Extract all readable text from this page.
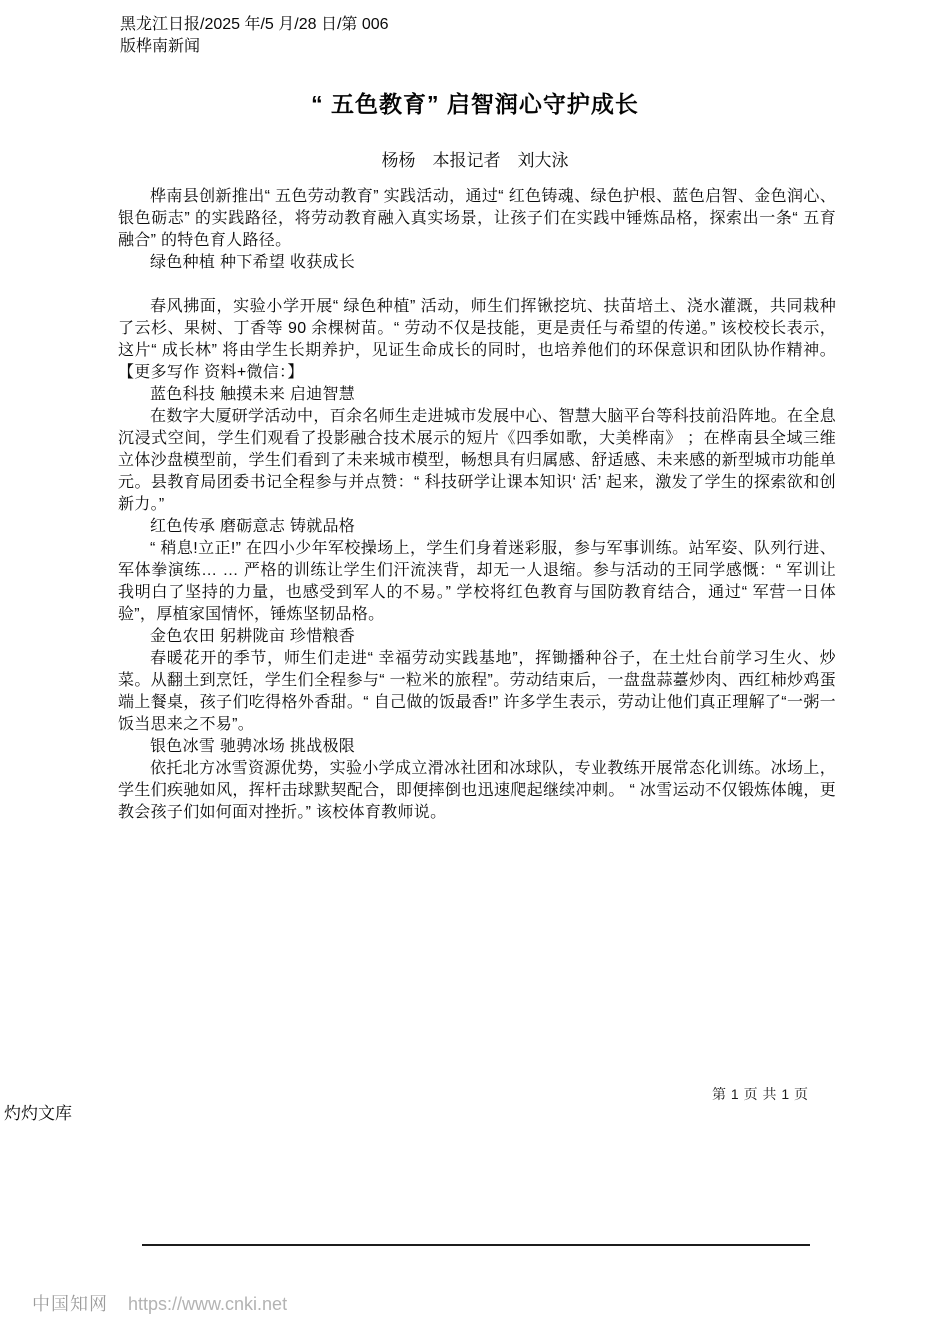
黑龙江日报/2025 年/5 月/28 日/第 006
版桦南新闻
“ 五色教育” 启智润心守护成长
杨杨　本报记者　刘大泳

桦南县创新推出“ 五色劳动教育” 实践活动，通过“ 红色铸魂、绿色护根、蓝色启智、金色润心、银色砺志” 的实践路径，将劳动教育融入真实场景，让孩子们在实践中锤炼品格，探索出一条“ 五育融合” 的特色育人路径。

绿色种植 种下希望 收获成长

春风拂面，实验小学开展“ 绿色种植” 活动，师生们挥锹挖坑、扶苗培土、浇水灌溉，共同栽种了云杉、果树、丁香等 90 余棵树苗。“ 劳动不仅是技能，更是责任与希望的传递。” 该校校长表示，这片“ 成长林” 将由学生长期养护，见证生命成长的同时，也培养他们的环保意识和团队协作精神。【更多写作 资料+微信：】

蓝色科技 触摸未来 启迪智慧

在数字大厦研学活动中，百余名师生走进城市发展中心、智慧大脑平台等科技前沿阵地。在全息沉浸式空间，学生们观看了投影融合技术展示的短片《四季如歌，大美桦南》 ；在桦南县全域三维立体沙盘模型前，学生们看到了未来城市模型，畅想具有归属感、舒适感、未来感的新型城市功能单元。县教育局团委书记全程参与并点赞：“ 科技研学让课本知识‘ 活’ 起来，激发了学生的探索欲和创新力。”

红色传承 磨砺意志 铸就品格

“ 稍息!立正!” 在四小少年军校操场上，学生们身着迷彩服，参与军事训练。站军姿、队列行进、军体拳演练… … 严格的训练让学生们汗流浃背，却无一人退缩。参与活动的王同学感慨：“ 军训让我明白了坚持的力量，也感受到军人的不易。” 学校将红色教育与国防教育结合，通过“ 军营一日体验”，厚植家国情怀，锤炼坚韧品格。

金色农田 躬耕陇亩 珍惜粮香

春暖花开的季节，师生们走进“ 幸福劳动实践基地”，挥锄播种谷子，在土灶台前学习生火、炒菜。从翻土到烹饪，学生们全程参与“ 一粒米的旅程”。劳动结束后，一盘盘蒜薹炒肉、西红柿炒鸡蛋端上餐桌，孩子们吃得格外香甜。“ 自己做的饭最香!” 许多学生表示，劳动让他们真正理解了“一粥一饭当思来之不易”。

银色冰雪 驰骋冰场 挑战极限

依托北方冰雪资源优势，实验小学成立滑冰社团和冰球队，专业教练开展常态化训练。冰场上，学生们疾驰如风，挥杆击球默契配合，即便摔倒也迅速爬起继续冲刺。 “ 冰雪运动不仅锻炼体魄，更教会孩子们如何面对挫折。” 该校体育教师说。

第 1 页 共 1 页
灼灼文库
中国知网 https://www.cnki.net
